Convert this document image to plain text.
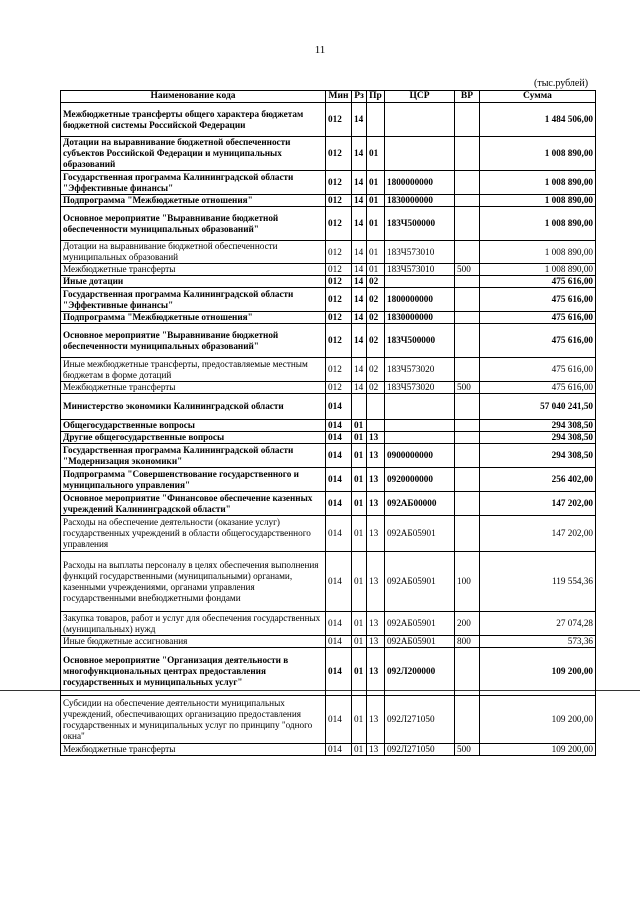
11
(тыс.рублей)
Наименование кода	Мин	Рз	Пр	ЦСР	ВР	Сумма
Межбюджетные трансферты общего характера бюджетам бюджетной системы Российской Федерации	012	14				1 484 506,00
Дотации на выравнивание бюджетной обеспеченности субъектов Российской Федерации и муниципальных образований	012	14	01			1 008 890,00
Государственная программа Калининградской области "Эффективные финансы"	012	14	01	1800000000		1 008 890,00
Подпрограмма "Межбюджетные отношения"	012	14	01	1830000000		1 008 890,00
Основное мероприятие "Выравнивание бюджетной обеспеченности муниципальных образований"	012	14	01	183Ч500000		1 008 890,00
Дотации на выравнивание бюджетной обеспеченности муниципальных образований	012	14	01	183Ч573010		1 008 890,00
Межбюджетные трансферты	012	14	01	183Ч573010	500	1 008 890,00
Иные дотации	012	14	02			475 616,00
Государственная программа Калининградской области "Эффективные финансы"	012	14	02	1800000000		475 616,00
Подпрограмма "Межбюджетные отношения"	012	14	02	1830000000		475 616,00
Основное мероприятие "Выравнивание бюджетной обеспеченности муниципальных образований"	012	14	02	183Ч500000		475 616,00
Иные межбюджетные трансферты, предоставляемые местным бюджетам в форме дотаций	012	14	02	183Ч573020		475 616,00
Межбюджетные трансферты	012	14	02	183Ч573020	500	475 616,00
Министерство экономики Калининградской области	014					57 040 241,50
Общегосударственные вопросы	014	01				294 308,50
Другие общегосударственные вопросы	014	01	13			294 308,50
Государственная программа Калининградской области "Модернизация экономики"	014	01	13	0900000000		294 308,50
Подпрограмма "Совершенствование государственного и муниципального управления"	014	01	13	0920000000		256 402,00
Основное мероприятие "Финансовое обеспечение казенных учреждений Калининградской области"	014	01	13	092АБ00000		147 202,00
Расходы на обеспечение деятельности (оказание услуг) государственных учреждений в области общегосударственного управления	014	01	13	092АБ05901		147 202,00
Расходы на выплаты персоналу в целях обеспечения выполнения функций государственными (муниципальными) органами, казенными учреждениями, органами управления государственными внебюджетными фондами	014	01	13	092АБ05901	100	119 554,36
Закупка товаров, работ и услуг для обеспечения государственных (муниципальных) нужд	014	01	13	092АБ05901	200	27 074,28
Иные бюджетные ассигнования	014	01	13	092АБ05901	800	573,36
Основное мероприятие "Организация деятельности в многофункциональных центрах предоставления государственных и муниципальных услуг"	014	01	13	092Л200000		109 200,00
Субсидии на обеспечение деятельности муниципальных учреждений, обеспечивающих организацию предоставления государственных и муниципальных услуг по принципу "одного окна"	014	01	13	092Л271050		109 200,00
Межбюджетные трансферты	014	01	13	092Л271050	500	109 200,00
